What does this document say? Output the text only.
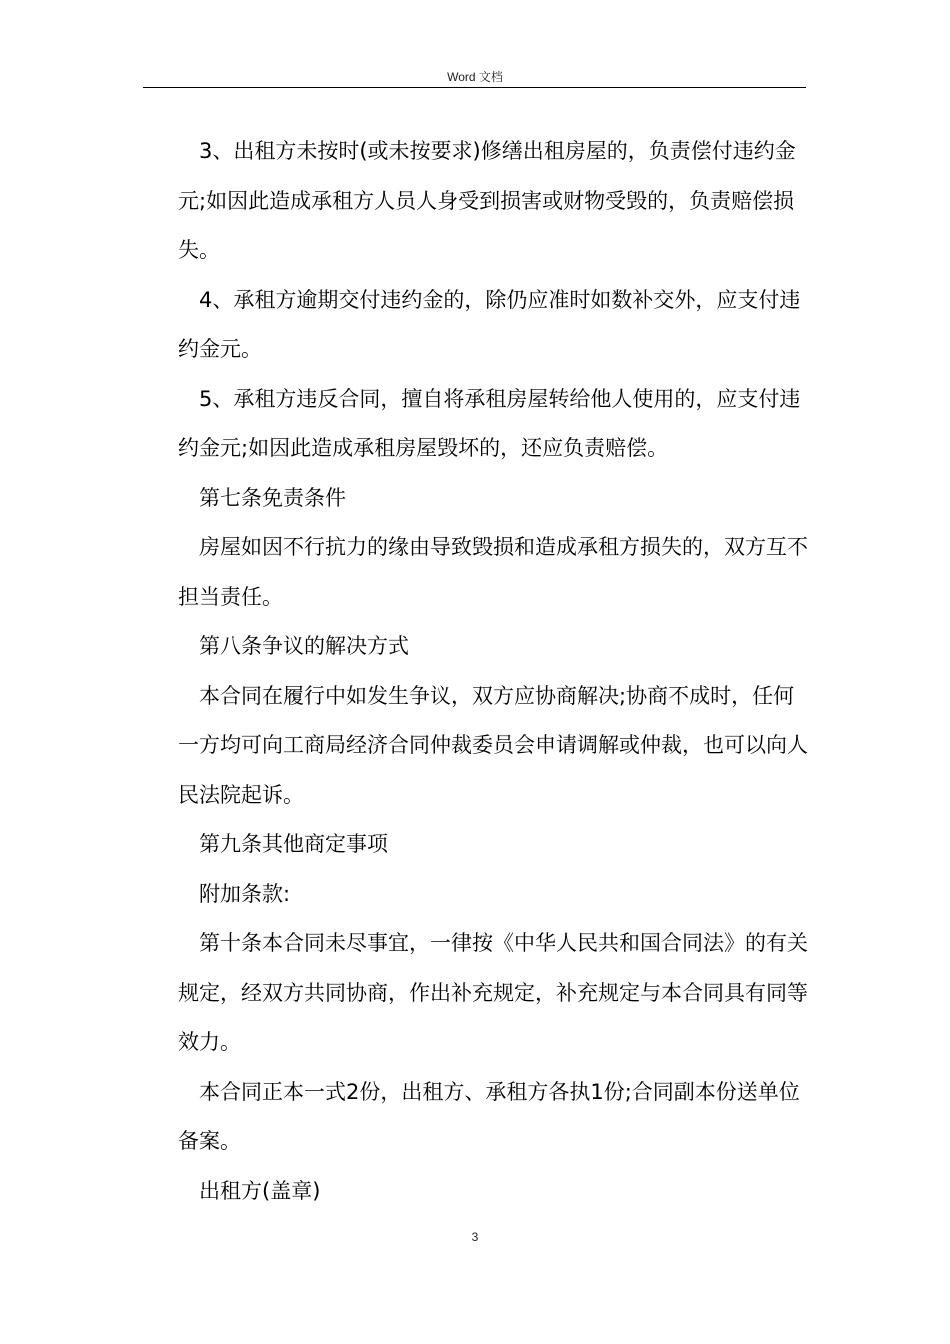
Word 文档

3、出租方未按时(或未按要求)修缮出租房屋的，负责偿付违约金元;如因此造成承租方人员人身受到损害或财物受毁的，负责赔偿损失。

4、承租方逾期交付违约金的，除仍应准时如数补交外，应支付违约金元。

5、承租方违反合同，擅自将承租房屋转给他人使用的，应支付违约金元;如因此造成承租房屋毁坏的，还应负责赔偿。

第七条免责条件

房屋如因不行抗力的缘由导致毁损和造成承租方损失的，双方互不担当责任。

第八条争议的解决方式

本合同在履行中如发生争议，双方应协商解决;协商不成时，任何一方均可向工商局经济合同仲裁委员会申请调解或仲裁，也可以向人民法院起诉。

第九条其他商定事项

附加条款:

第十条本合同未尽事宜，一律按《中华人民共和国合同法》的有关规定，经双方共同协商，作出补充规定，补充规定与本合同具有同等效力。

本合同正本一式2份，出租方、承租方各执1份;合同副本份送单位备案。

出租方(盖章)

3
